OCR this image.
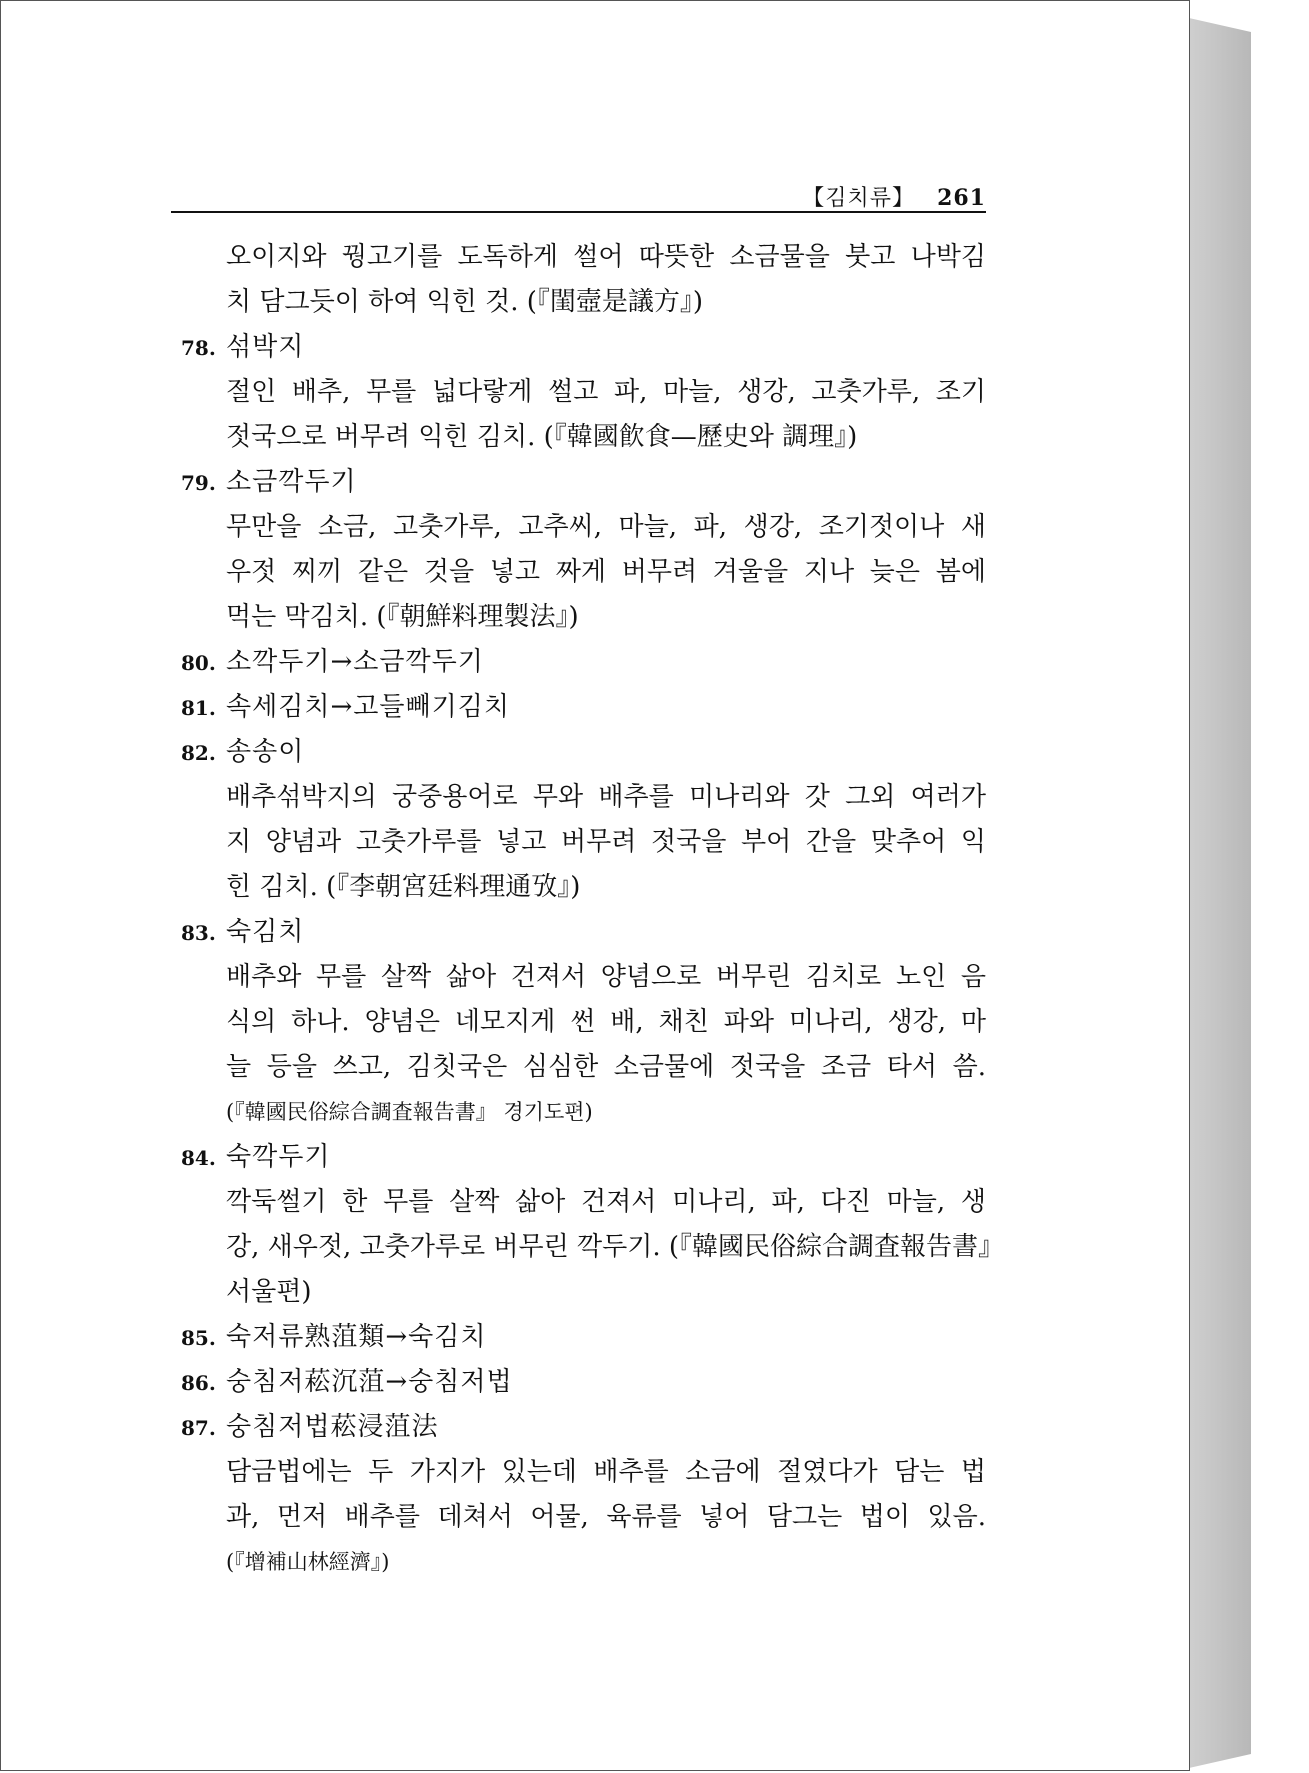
【김치류】 261
오이지와 꿩고기를 도독하게 썰어 따뜻한 소금물을 붓고 나박김
치 담그듯이 하여 익힌 것. (『閨壼是議方』)
78. 섞박지
절인 배추, 무를 넓다랗게 썰고 파, 마늘, 생강, 고춧가루, 조기
젓국으로 버무려 익힌 김치. (『韓國飮食—歷史와 調理』)
79. 소금깍두기
무만을 소금, 고춧가루, 고추씨, 마늘, 파, 생강, 조기젓이나 새
우젓 찌끼 같은 것을 넣고 짜게 버무려 겨울을 지나 늦은 봄에
먹는 막김치. (『朝鮮料理製法』)
80. 소깍두기→소금깍두기
81. 속세김치→고들빼기김치
82. 송송이
배추섞박지의 궁중용어로 무와 배추를 미나리와 갓 그외 여러가
지 양념과 고춧가루를 넣고 버무려 젓국을 부어 간을 맞추어 익
힌 김치. (『李朝宮廷料理通攷』)
83. 숙김치
배추와 무를 살짝 삶아 건져서 양념으로 버무린 김치로 노인 음
식의 하나. 양념은 네모지게 썬 배, 채친 파와 미나리, 생강, 마
늘 등을 쓰고, 김칫국은 심심한 소금물에 젓국을 조금 타서 씀.
(『韓國民俗綜合調査報告書』 경기도편)
84. 숙깍두기
깍둑썰기 한 무를 살짝 삶아 건져서 미나리, 파, 다진 마늘, 생
강, 새우젓, 고춧가루로 버무린 깍두기. (『韓國民俗綜合調査報告書』
서울편)
85. 숙저류熟菹類→숙김치
86. 숭침저菘沉菹→숭침저법
87. 숭침저법菘浸菹法
담금법에는 두 가지가 있는데 배추를 소금에 절였다가 담는 법
과, 먼저 배추를 데쳐서 어물, 육류를 넣어 담그는 법이 있음.
(『增補山林經濟』)
